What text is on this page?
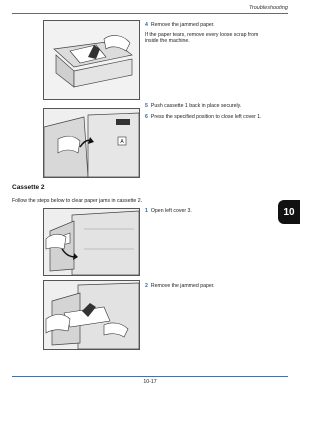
Troubleshooting
10
4 Remove the jammed paper.
If the paper tears, remove every loose scrap from inside the machine.
A
5 Push cassette 1 back in place securely.
6 Press the specified position to close left cover 1.
Cassette 2
Follow the steps below to clear paper jams in cassette 2.
1 Open left cover 3.
2 Remove the jammed paper.
10-17
